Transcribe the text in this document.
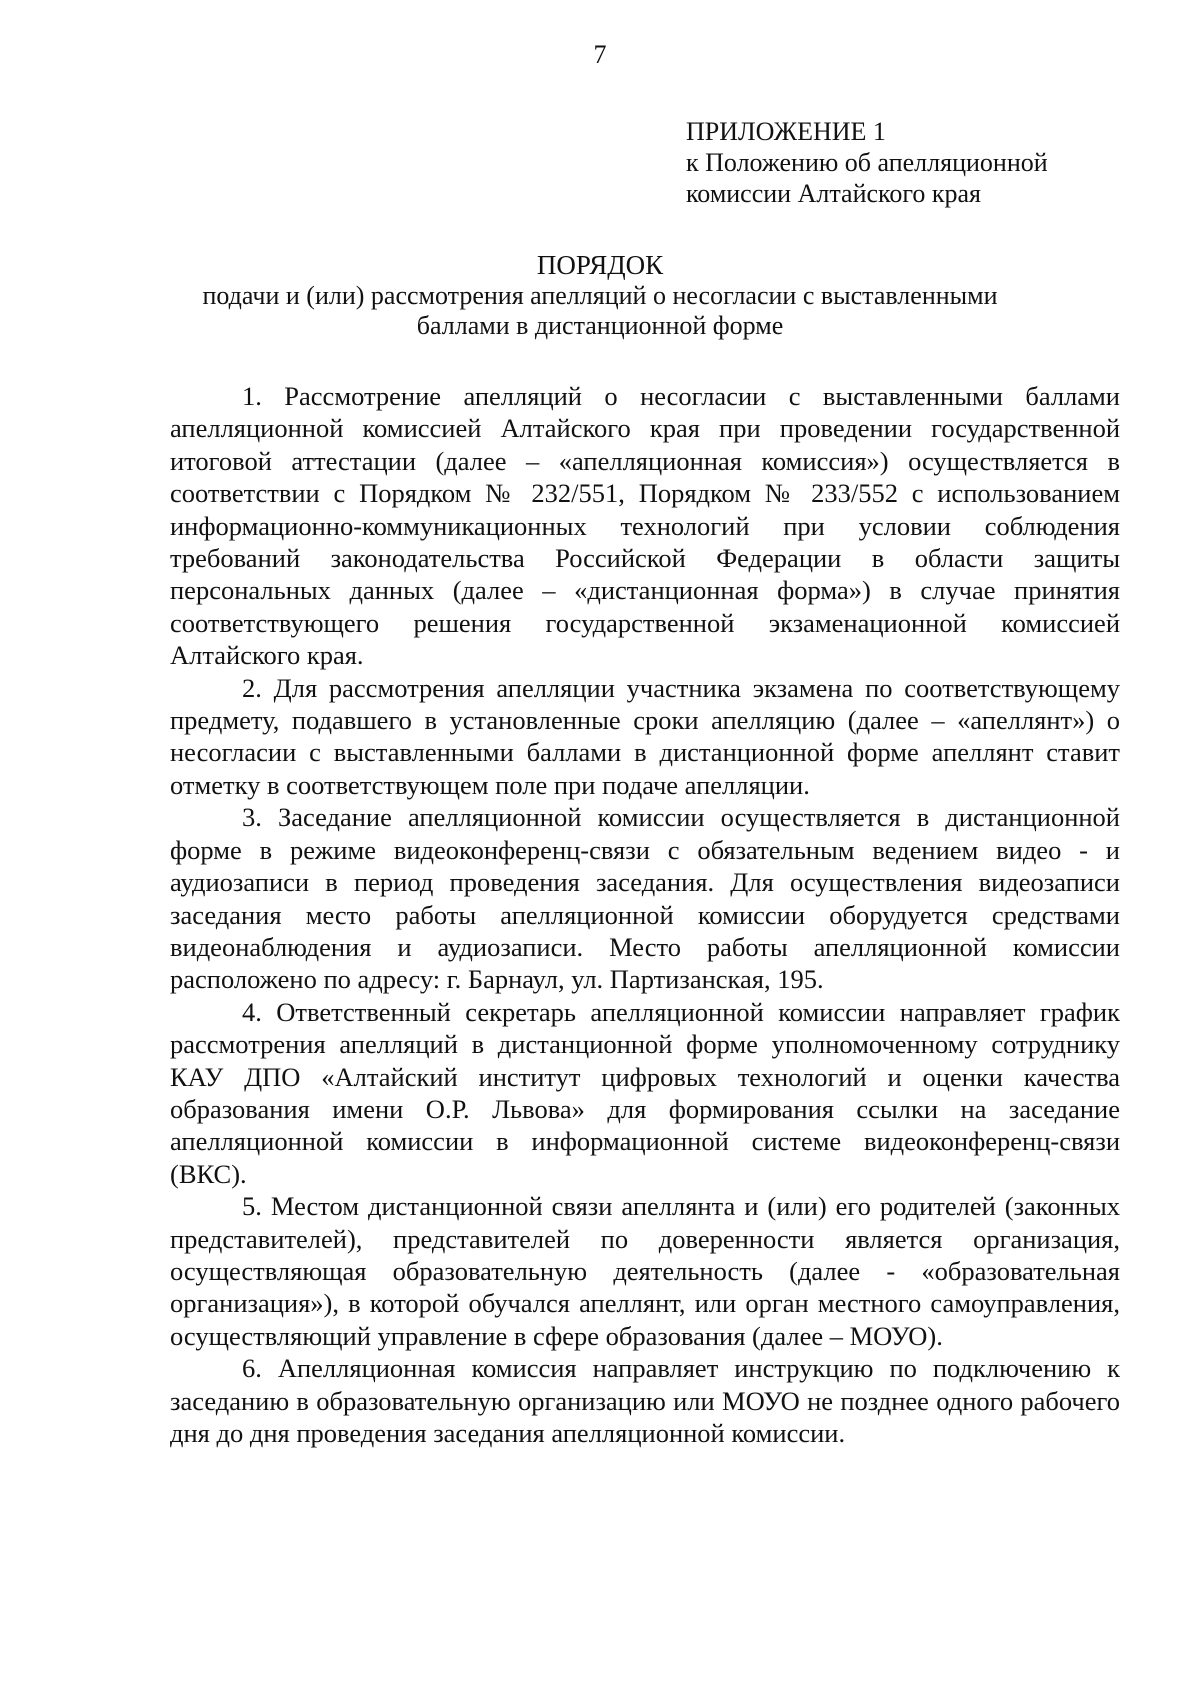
7
ПРИЛОЖЕНИЕ 1
к Положению об апелляционной
комиссии Алтайского края
ПОРЯДОК
подачи и (или) рассмотрения апелляций о несогласии с выставленными
баллами в дистанционной форме

1. Рассмотрение апелляций о несогласии с выставленными баллами апелляционной комиссией Алтайского края при проведении государственной итоговой аттестации (далее – «апелляционная комиссия») осуществляется в соответствии с Порядком № 232/551, Порядком № 233/552 с использованием информационно-коммуникационных технологий при условии соблюдения требований законодательства Российской Федерации в области защиты персональных данных (далее – «дистанционная форма») в случае принятия соответствующего решения государственной экзаменационной комиссией Алтайского края.

2. Для рассмотрения апелляции участника экзамена по соответствующему предмету, подавшего в установленные сроки апелляцию (далее – «апеллянт») о несогласии с выставленными баллами в дистанционной форме апеллянт ставит отметку в соответствующем поле при подаче апелляции.

3. Заседание апелляционной комиссии осуществляется в дистанционной форме в режиме видеоконференц-связи с обязательным ведением видео - и аудиозаписи в период проведения заседания. Для осуществления видеозаписи заседания место работы апелляционной комиссии оборудуется средствами видеонаблюдения и аудиозаписи. Место работы апелляционной комиссии расположено по адресу: г. Барнаул, ул. Партизанская, 195.

4. Ответственный секретарь апелляционной комиссии направляет график рассмотрения апелляций в дистанционной форме уполномоченному сотруднику КАУ ДПО «Алтайский институт цифровых технологий и оценки качества образования имени О.Р. Львова» для формирования ссылки на заседание апелляционной комиссии в информационной системе видеоконференц-связи (ВКС).

5. Местом дистанционной связи апеллянта и (или) его родителей (законных представителей), представителей по доверенности является организация, осуществляющая образовательную деятельность (далее - «образовательная организация»), в которой обучался апеллянт, или орган местного самоуправления, осуществляющий управление в сфере образования (далее – МОУО).

6. Апелляционная комиссия направляет инструкцию по подключению к заседанию в образовательную организацию или МОУО не позднее одного рабочего дня до дня проведения заседания апелляционной комиссии.
